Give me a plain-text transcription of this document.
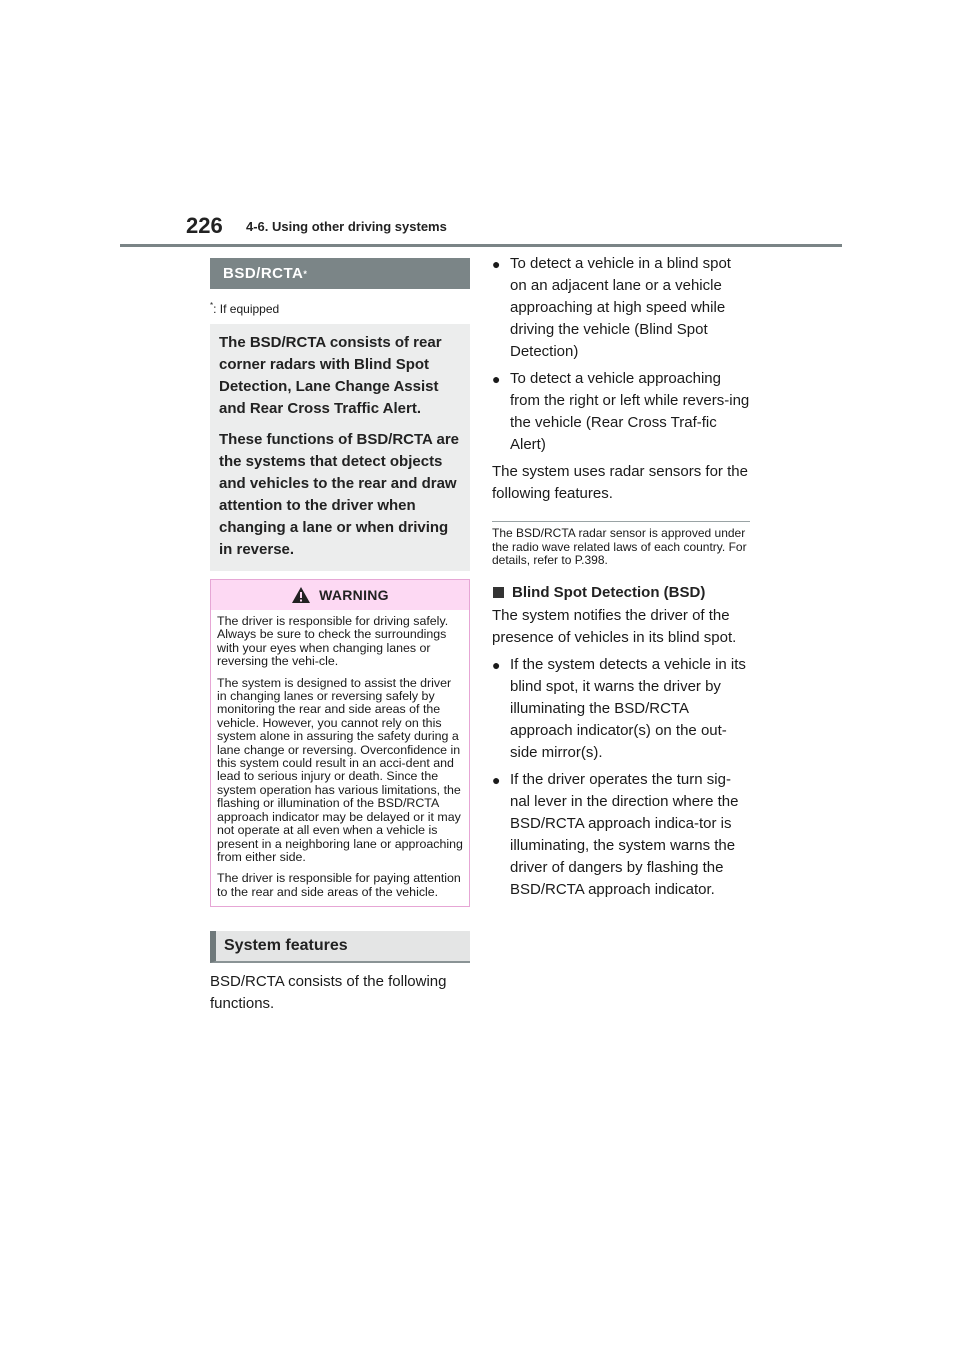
226 4-6. Using other driving systems
BSD/RCTA *

*: If equipped

The BSD/RCTA consists of rear corner radars with Blind Spot Detection, Lane Change Assist and Rear Cross Traffic Alert.

These functions of BSD/RCTA are the systems that detect objects and vehicles to the rear and draw attention to the driver when changing a lane or when driving in reverse.

WARNING

The driver is responsible for driving safely. Always be sure to check the surroundings with your eyes when changing lanes or reversing the vehi-cle.

The system is designed to assist the driver in changing lanes or reversing safely by monitoring the rear and side areas of the vehicle. However, you cannot rely on this system alone in assuring the safety during a lane change or reversing. Overconfidence in this system could result in an acci-dent and lead to serious injury or death. Since the system operation has various limitations, the flashing or illumination of the BSD/RCTA approach indicator may be delayed or it may not operate at all even when a vehicle is present in a neighboring lane or approaching from either side.

The driver is responsible for paying attention to the rear and side areas of the vehicle.

System features

BSD/RCTA consists of the following functions.

● To detect a vehicle in a blind spot on an adjacent lane or a vehicle approaching at high speed while driving the vehicle (Blind Spot Detection)
● To detect a vehicle approaching from the right or left while revers-ing the vehicle (Rear Cross Traf-fic Alert)

The system uses radar sensors for the following features.

The BSD/RCTA radar sensor is approved under the radio wave related laws of each country. For details, refer to P.398.

Blind Spot Detection (BSD)

The system notifies the driver of the presence of vehicles in its blind spot.

● If the system detects a vehicle in its blind spot, it warns the driver by illuminating the BSD/RCTA approach indicator(s) on the out-side mirror(s).
● If the driver operates the turn sig-nal lever in the direction where the BSD/RCTA approach indica-tor is illuminating, the system warns the driver of dangers by flashing the BSD/RCTA approach indicator.
